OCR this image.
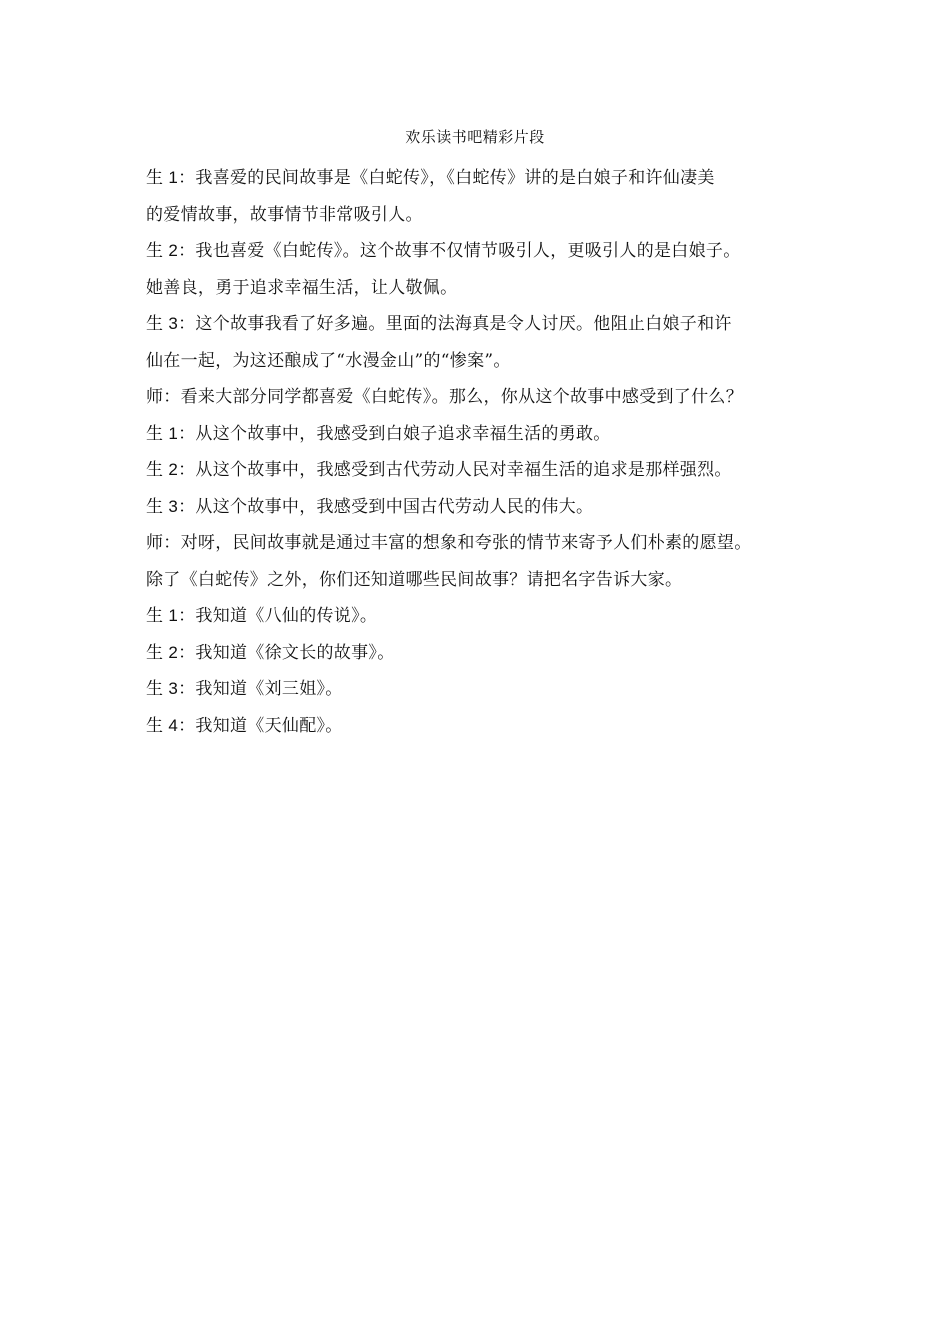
欢乐读书吧精彩片段

生 1：我喜爱的民间故事是《白蛇传》，《白蛇传》讲的是白娘子和许仙凄美
的爱情故事，故事情节非常吸引人。

生 2：我也喜爱《白蛇传》。这个故事不仅情节吸引人，更吸引人的是白娘子。
她善良，勇于追求幸福生活，让人敬佩。

生 3：这个故事我看了好多遍。里面的法海真是令人讨厌。他阻止白娘子和许
仙在一起，为这还酿成了“水漫金山”的“惨案”。

师：看来大部分同学都喜爱《白蛇传》。那么，你从这个故事中感受到了什么？

生 1：从这个故事中，我感受到白娘子追求幸福生活的勇敢。

生 2：从这个故事中，我感受到古代劳动人民对幸福生活的追求是那样强烈。

生 3：从这个故事中，我感受到中国古代劳动人民的伟大。

师：对呀，民间故事就是通过丰富的想象和夸张的情节来寄予人们朴素的愿望。
除了《白蛇传》之外，你们还知道哪些民间故事？请把名字告诉大家。

生 1：我知道《八仙的传说》。

生 2：我知道《徐文长的故事》。

生 3：我知道《刘三姐》。

生 4：我知道《天仙配》。
